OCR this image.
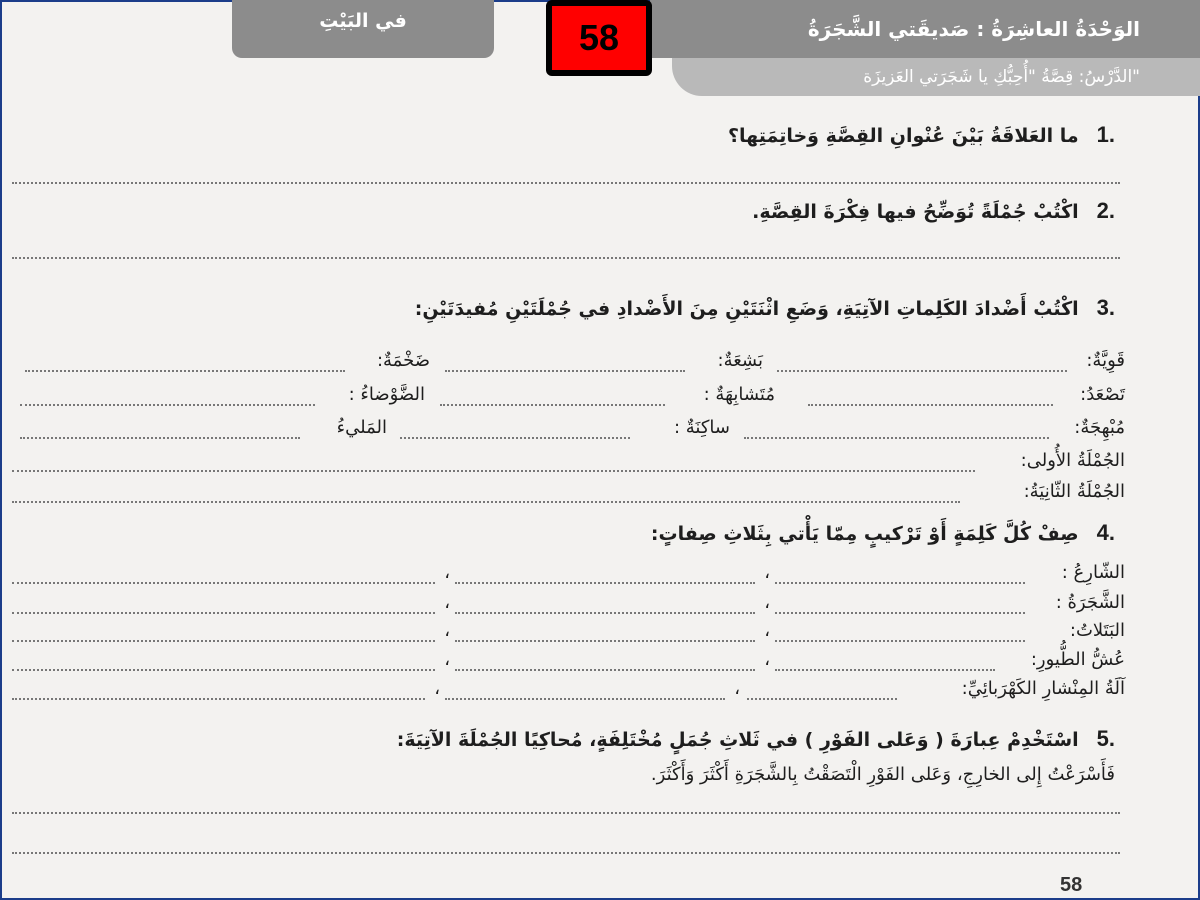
في البَيْتِ	الوَحْدَةُ العاشِرَةُ : صَديقَتي الشَّجَرَةُ
الدَّرْسُ: قِصَّةُ "أُحِبُّكِ يا شَجَرَتي العَزيزَة"
58
1.
ما العَلاقَةُ بَيْنَ عُنْوانِ القِصَّةِ وَخاتِمَتِها؟
2.
اكْتُبْ جُمْلَةً تُوَضِّحُ فيها فِكْرَةَ القِصَّةِ.
3.
اكْتُبْ أَضْدادَ الكَلِماتِ الآتِيَةِ، وَضَعِ اثْنَتَيْنِ مِنَ الأَضْدادِ في جُمْلَتَيْنِ مُفيدَتَيْنِ:
قَوِيَّةٌ:
بَشِعَةٌ:
ضَخْمَةٌ:
تَصْعَدُ:
مُتَشابِهَةٌ :
الضَّوْضاءُ :
مُبْهِجَةٌ:
ساكِنَةٌ :
المَليءُ
الجُمْلَةُ الأُولى:
الجُمْلَةُ الثّانِيَةُ:
4.
صِفْ كُلَّ كَلِمَةٍ أَوْ تَرْكيبٍ مِمّا يَأْتي بِثَلاثِ صِفاتٍ:
الشّارِعُ :
،
،
الشَّجَرَةُ :
،
،
البَتَلاتُ:
،
،
عُشُّ الطُّيورِ:
،
،
آلَةُ المِنْشارِ الكَهْرَبائِيِّ:
،
،
5.
اسْتَخْدِمْ عِبارَةَ ( وَعَلى الفَوْرِ ) في ثَلاثِ جُمَلٍ مُخْتَلِفَةٍ، مُحاكِيًا الجُمْلَةَ الآتِيَةَ:
فَأَسْرَعْتُ إِلى الخارِجِ، وَعَلى الفَوْرِ الْتَصَقْتُ بِالشَّجَرَةِ أَكْثَرَ وَأَكْثَرَ.
58
